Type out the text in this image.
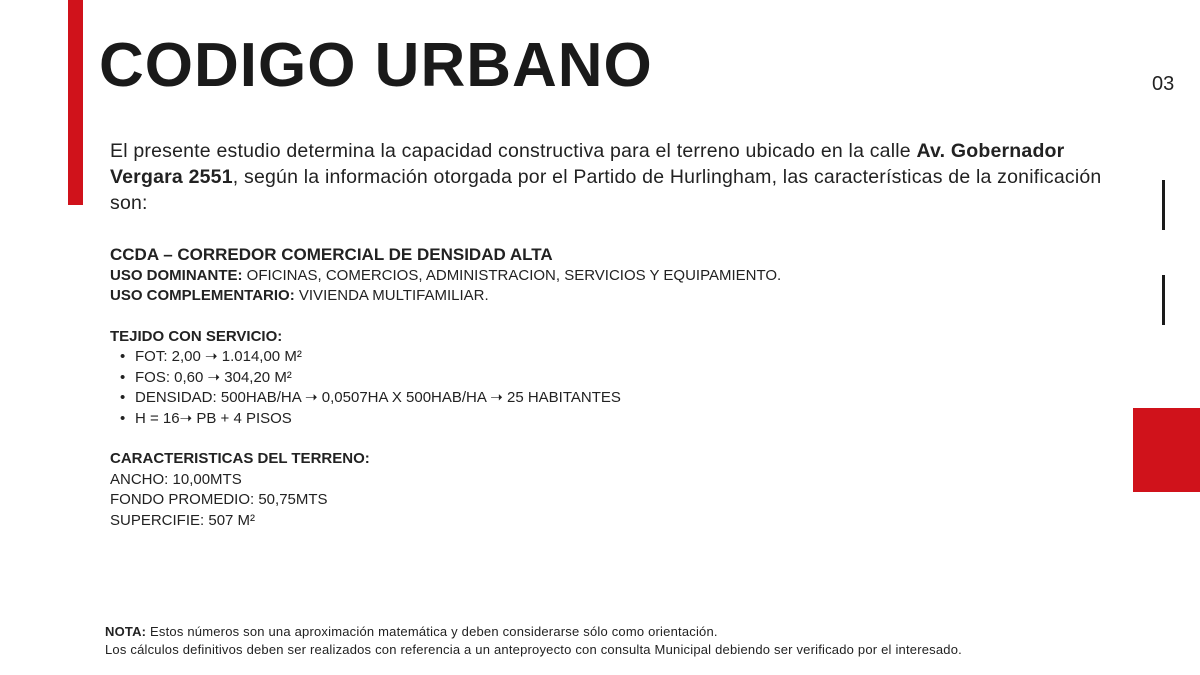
CODIGO URBANO	03

El presente estudio determina la capacidad constructiva para el terreno ubicado en la calle Av. Gobernador Vergara 2551, según la información otorgada por el Partido de Hurlingham, las características de la zonificación son:

CCDA – CORREDOR COMERCIAL DE DENSIDAD ALTA

USO DOMINANTE: OFICINAS, COMERCIOS, ADMINISTRACION, SERVICIOS Y EQUIPAMIENTO.

USO COMPLEMENTARIO: VIVIENDA MULTIFAMILIAR.

TEJIDO CON SERVICIO:

• FOT: 2,00 ➝ 1.014,00 M²
• FOS: 0,60 ➝ 304,20 M²
• DENSIDAD: 500HAB/HA ➝ 0,0507HA X 500HAB/HA ➝ 25 HABITANTES
• H = 16➝ PB + 4 PISOS

CARACTERISTICAS DEL TERRENO:

ANCHO: 10,00MTS

FONDO PROMEDIO: 50,75MTS

SUPERCIFIE: 507 M²

NOTA: Estos números son una aproximación matemática y deben considerarse sólo como orientación.

Los cálculos definitivos deben ser realizados con referencia a un anteproyecto con consulta Municipal debiendo ser verificado por el interesado.
